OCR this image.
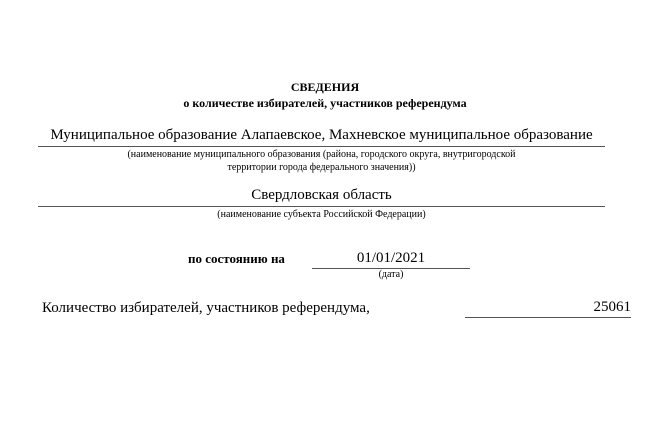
СВЕДЕНИЯ
о количестве избирателей, участников референдума
Муниципальное образование Алапаевское, Махневское муниципальное образование
(наименование муниципального образования (района, городского округа, внутригородской
территории города федерального значения))
Свердловская область
(наименование субъекта Российской Федерации)
по состоянию на	01/01/2021
(дата)
Количество избирателей, участников референдума,	25061
